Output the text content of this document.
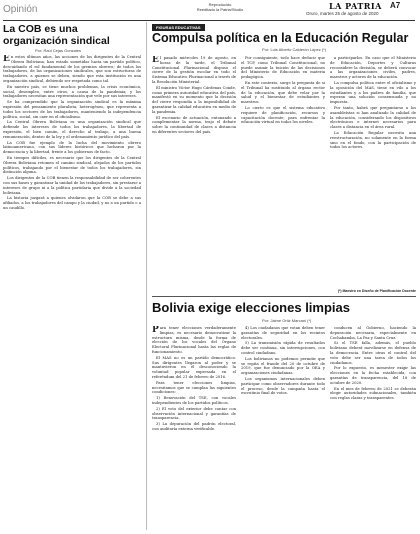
Opinión	Reproducido
Reeditado la Patria/Studio	LA PATRIA A7
Oruro, martes 25 de agosto de 2020
La COB es una organización sindical
Por: Raúl Cejas Gonzales

En estos últimos años, las acciones de los dirigentes de la Central Obrera Boliviana, han estado sometidas hacia un partido político, descuidando el rol fundamental de los gremios obreros; de todos los trabajadores, de las organizaciones sindicales, que son estructuras de trabajadores, a quienes se deben, siendo que esta institución es una organización sindical, debiendo ser respetada como tal.

En nuestro país, se tiene muchos problemas, la crisis económica, social, desempleo, entre otros, a causa de la pandemia; y los trabajadores necesitan una representación que vele por sus intereses.

Se ha comprendido que la organización sindical es la máxima expresión del pensamiento pluralista, heterogéneo, que representa a todos los sectores de los trabajadores, manteniendo la independencia política, social, sin caer en el oficialismo.

La Central Obrera Boliviana es una organización sindical que defiende los intereses de todos los trabajadores, la libertad de expresión, el bien común, el derecho al trabajo, a una buena remuneración, dentro de la ley y el ordenamiento jurídico del país.

La COB fue ejemplo de la lucha del movimiento obrero latinoamericano, con sus líderes históricos que lucharon por la democracia y la libertad, frente a los gobiernos de facto.

En tiempos difíciles, es necesario que los dirigentes de la Central Obrera Boliviana retomen el camino sindical, alejados de los partidos políticos, trabajando por el bienestar de todos los trabajadores, sin distinción alguna.

Los dirigentes de la COB tienen la responsabilidad de ser coherentes con sus bases y garantizar la unidad de los trabajadores, sin prestarse a intereses de grupo ni a la política partidaria que divide a la sociedad boliviana.

La historia juzgará a quienes olvidaron que la COB se debe a sus afiliados, a los trabajadores del campo y la ciudad, y no a un partido o a un caudillo.

FIGURAS EDUCATIVAS
Compulsa política en la Educación Regular
Por: Luis Alberto Calderón López (*)

El pasado miércoles 19 de agosto, en horas de la tarde, el Tribunal Constitucional Plurinacional dispuso el cierre de la gestión escolar en todo el Sistema Educativo Plurinacional a través de la Resolución Ministerial.

El ministro Víctor Hugo Cárdenas Conde, como primera autoridad educativa del país, manifestó en su momento que la decisión del cierre respondía a la imposibilidad de garantizar la calidad educativa en medio de la pandemia.

El escenario de actuación, entonando a complementar la norma, trajo el debate sobre la continuidad de clases a distancia en diferentes sectores del país.

Por consiguiente, todo hace deducir que el TCP, como Tribunal Constitucional, no puede asumir la tuición de las decisiones del Ministerio de Educación en materia pedagógica.

En este contexto, surge la pregunta de si el Tribunal ha sustituido al órgano rector de la educación, que debe velar por la salud y el bienestar de estudiantes y maestros.

Lo cierto es que el sistema educativo requiere de planificación, recursos y capacitación docente, para enfrentar la educación virtual en todos los niveles.

a participarlos. En caso que el Ministerio de Educación, Deportes y Culturas reconsidere la decisión, se deberá convocar a las organizaciones civiles, padres, maestros y actores de la educación.

La compulsa política entre el oficialismo y la oposición del MAS, tiene en vilo a los estudiantes y a los padres de familia, que esperan una solución consensuada y no impuesta.

Por tanto, habrá que preguntarse a los asambleístas si han analizado la calidad de la educación, considerando los dispositivos electrónicos e internet necesarios para clases a distancia en el área rural.

La Educación Regular necesita una reestructuración, no solamente en la forma sino en el fondo, con la participación de todos los actores.

(*) Maestro en Diseño de Planificación Docente
Bolivia exige elecciones limpias
Por: Jaime Ortiz Marcani (*)

Para tener elecciones verdaderamente limpias, es necesario democratizar la estructura misma, desde la forma de elección de los vocales del Órgano Electoral Plurinacional hasta las reglas de funcionamiento.

El MAS no es un partido democrático. Sus dirigentes llegaron al poder y se mantuvieron en él desconociendo la voluntad popular expresada en el referéndum del 21 de febrero de 2016.

Para tener elecciones limpias, necesitamos que se cumplan las siguientes condiciones:

1) Renovación del TSE, con vocales independientes de los partidos políticos.

2) El voto del exterior debe contar con observación internacional y garantías de transparencia.

3) La depuración del padrón electoral, con auditoría externa verificable.

4) Los ciudadanos que votan deben tener garantías de seguridad en los recintos electorales.

5) La transmisión rápida de resultados debe ser continua, sin interrupciones, con control ciudadano.

Los bolivianos no podemos permitir que se repita el fraude del 20 de octubre de 2019, que fue denunciado por la OEA y organizaciones ciudadanas.

Los organismos internacionales deben participar como observadores durante todo el proceso, desde la campaña hasta el escrutinio final de votos.

conducen al Gobierno, haciendo la depuración necesaria, especialmente en Cochabamba, La Paz y Santa Cruz.

Si el TSE falla, además, el pueblo boliviano deberá movilizarse en defensa de la democracia. Entre otras el control del voto debe ser una tarea de todos los ciudadanos.

Por lo expuesto, es menester exigir las elecciones en la fecha establecida, con garantías de transparencia, del 18 de octubre de 2020.

En el mes de febrero de 2021 se deberán elegir autoridades subnacionales, también con reglas claras y transparentes.
